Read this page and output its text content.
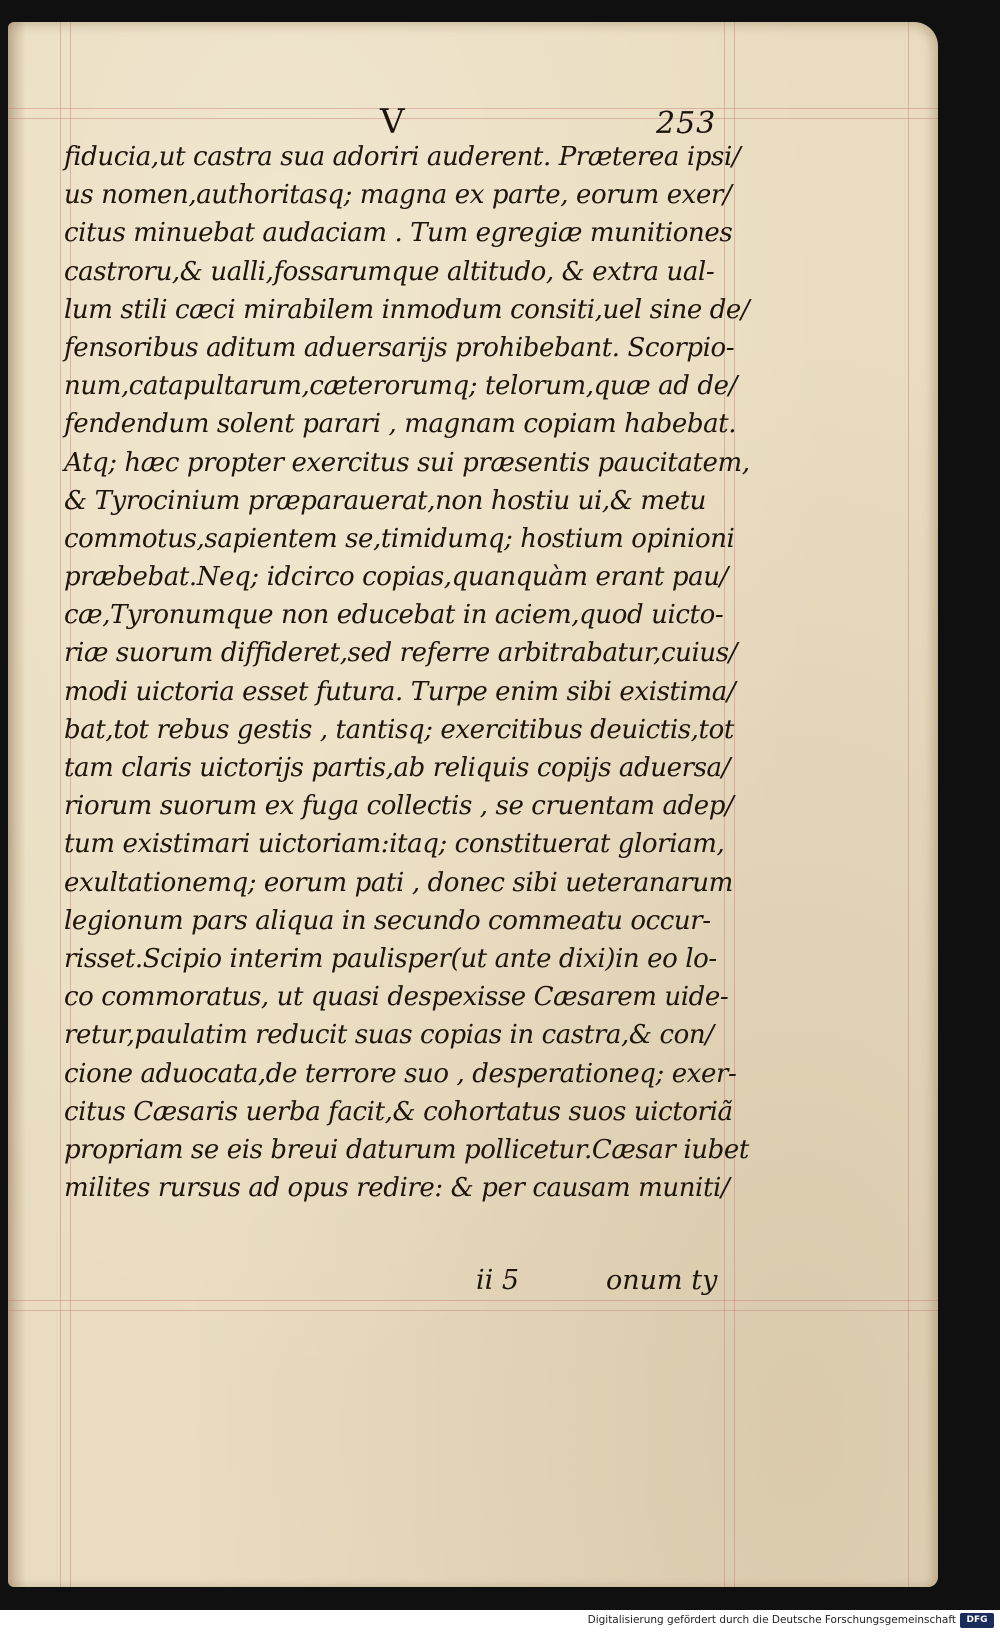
V	253
fiducia,ut castra sua adoriri auderent. Præterea ipsi/
us nomen,authoritasq; magna ex parte, eorum exer/
citus minuebat audaciam . Tum egregiæ munitiones
castroru,& ualli,fossarumque altitudo, & extra ual-
lum stili cæci mirabilem inmodum consiti,uel sine de/
fensoribus aditum aduersarijs prohibebant. Scorpio-
num,catapultarum,cæterorumq; telorum,quæ ad de/
fendendum solent parari , magnam copiam habebat.
Atq; hæc propter exercitus sui præsentis paucitatem,
& Tyrocinium præparauerat,non hostiu ui,& metu
commotus,sapientem se,timidumq; hostium opinioni
præbebat.Neq; idcirco copias,quanquàm erant pau/
cæ,Tyronumque non educebat in aciem,quod uicto-
riæ suorum diffideret,sed referre arbitrabatur,cuius/
modi uictoria esset futura. Turpe enim sibi existima/
bat,tot rebus gestis , tantisq; exercitibus deuictis,tot
tam claris uictorijs partis,ab reliquis copijs aduersa/
riorum suorum ex fuga collectis , se cruentam adep/
tum existimari uictoriam:itaq; constituerat gloriam,
exultationemq; eorum pati , donec sibi ueteranarum
legionum pars aliqua in secundo commeatu occur-
risset.Scipio interim paulisper(ut ante dixi)in eo lo-
co commoratus, ut quasi despexisse Cæsarem uide-
retur,paulatim reducit suas copias in castra,& con/
cione aduocata,de terrore suo , desperationeq; exer-
citus Cæsaris uerba facit,& cohortatus suos uictoriã
propriam se eis breui daturum pollicetur.Cæsar iubet
milites rursus ad opus redire: & per causam muniti/
ii 5	onum ty
Digitalisierung gefördert durch die Deutsche Forschungsgemeinschaft	DFG
